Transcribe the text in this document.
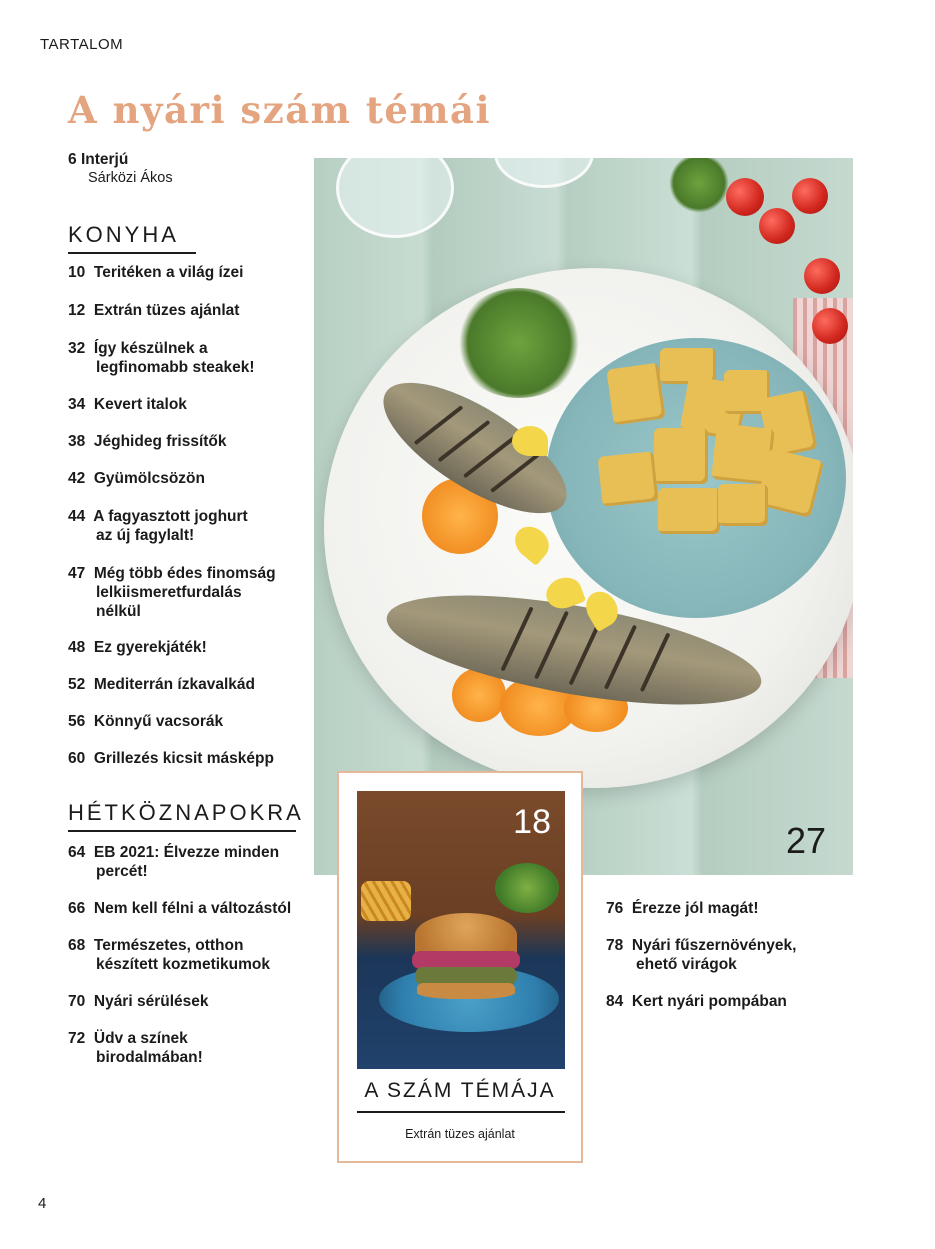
TARTALOM
A nyári szám témái
6 Interjú
Sárközi Ákos
KONYHA
10 Teritéken a világ ízei
12 Extrán tüzes ajánlat
32 Így készülnek a
legfinomabb steakek!
34 Kevert italok
38 Jéghideg frissítők
42 Gyümölcsözön
44 A fagyasztott joghurt
az új fagylalt!
47 Még több édes finomság
lelkiismeretfurdalás
nélkül
48 Ez gyerekjáték!
52 Mediterrán ízkavalkád
56 Könnyű vacsorák
60 Grillezés kicsit másképp
HÉTKÖZNAPOKRA
64 EB 2021: Élvezze minden
percét!
66 Nem kell félni a változástól
68 Természetes, otthon
készített kozmetikumok
70 Nyári sérülések
72 Üdv a színek
birodalmában!
76 Érezze jól magát!
78 Nyári fűszernövények,
ehető virágok
84 Kert nyári pompában
27
18
A SZÁM TÉMÁJA
Extrán tüzes ajánlat
4
